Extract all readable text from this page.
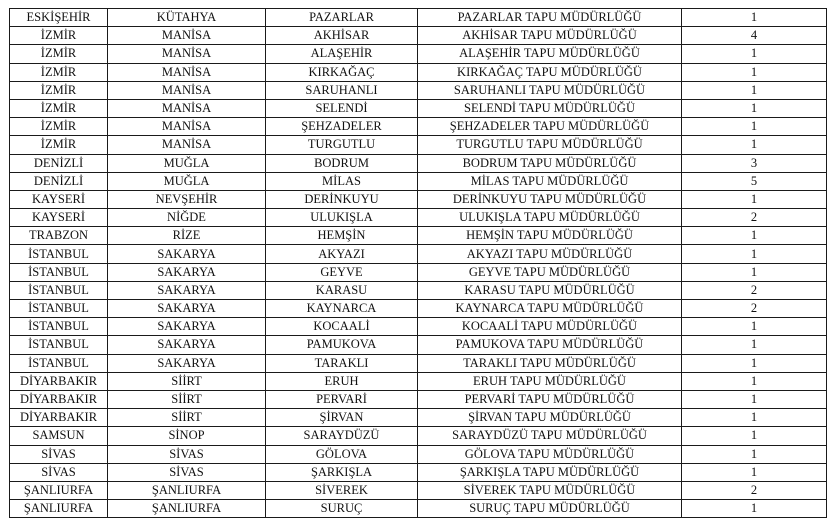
ESKİŞEHİR	KÜTAHYA	PAZARLAR	PAZARLAR TAPU MÜDÜRLÜĞÜ	1
İZMİR	MANİSA	AKHİSAR	AKHİSAR TAPU MÜDÜRLÜĞÜ	4
İZMİR	MANİSA	ALAŞEHİR	ALAŞEHİR TAPU MÜDÜRLÜĞÜ	1
İZMİR	MANİSA	KIRKAĞAÇ	KIRKAĞAÇ TAPU MÜDÜRLÜĞÜ	1
İZMİR	MANİSA	SARUHANLI	SARUHANLI TAPU MÜDÜRLÜĞÜ	1
İZMİR	MANİSA	SELENDİ	SELENDİ TAPU MÜDÜRLÜĞÜ	1
İZMİR	MANİSA	ŞEHZADELER	ŞEHZADELER TAPU MÜDÜRLÜĞÜ	1
İZMİR	MANİSA	TURGUTLU	TURGUTLU TAPU MÜDÜRLÜĞÜ	1
DENİZLİ	MUĞLA	BODRUM	BODRUM TAPU MÜDÜRLÜĞÜ	3
DENİZLİ	MUĞLA	MİLAS	MİLAS TAPU MÜDÜRLÜĞÜ	5
KAYSERİ	NEVŞEHİR	DERİNKUYU	DERİNKUYU TAPU MÜDÜRLÜĞÜ	1
KAYSERİ	NİĞDE	ULUKIŞLA	ULUKIŞLA TAPU MÜDÜRLÜĞÜ	2
TRABZON	RİZE	HEMŞİN	HEMŞİN TAPU MÜDÜRLÜĞÜ	1
İSTANBUL	SAKARYA	AKYAZI	AKYAZI TAPU MÜDÜRLÜĞÜ	1
İSTANBUL	SAKARYA	GEYVE	GEYVE TAPU MÜDÜRLÜĞÜ	1
İSTANBUL	SAKARYA	KARASU	KARASU TAPU MÜDÜRLÜĞÜ	2
İSTANBUL	SAKARYA	KAYNARCA	KAYNARCA TAPU MÜDÜRLÜĞÜ	2
İSTANBUL	SAKARYA	KOCAALİ	KOCAALİ TAPU MÜDÜRLÜĞÜ	1
İSTANBUL	SAKARYA	PAMUKOVA	PAMUKOVA TAPU MÜDÜRLÜĞÜ	1
İSTANBUL	SAKARYA	TARAKLI	TARAKLI TAPU MÜDÜRLÜĞÜ	1
DİYARBAKIR	SİİRT	ERUH	ERUH TAPU MÜDÜRLÜĞÜ	1
DİYARBAKIR	SİİRT	PERVARİ	PERVARİ TAPU MÜDÜRLÜĞÜ	1
DİYARBAKIR	SİİRT	ŞİRVAN	ŞİRVAN TAPU MÜDÜRLÜĞÜ	1
SAMSUN	SİNOP	SARAYDÜZÜ	SARAYDÜZÜ TAPU MÜDÜRLÜĞÜ	1
SİVAS	SİVAS	GÖLOVA	GÖLOVA TAPU MÜDÜRLÜĞÜ	1
SİVAS	SİVAS	ŞARKIŞLA	ŞARKIŞLA TAPU MÜDÜRLÜĞÜ	1
ŞANLIURFA	ŞANLIURFA	SİVEREK	SİVEREK TAPU MÜDÜRLÜĞÜ	2
ŞANLIURFA	ŞANLIURFA	SURUÇ	SURUÇ TAPU MÜDÜRLÜĞÜ	1
